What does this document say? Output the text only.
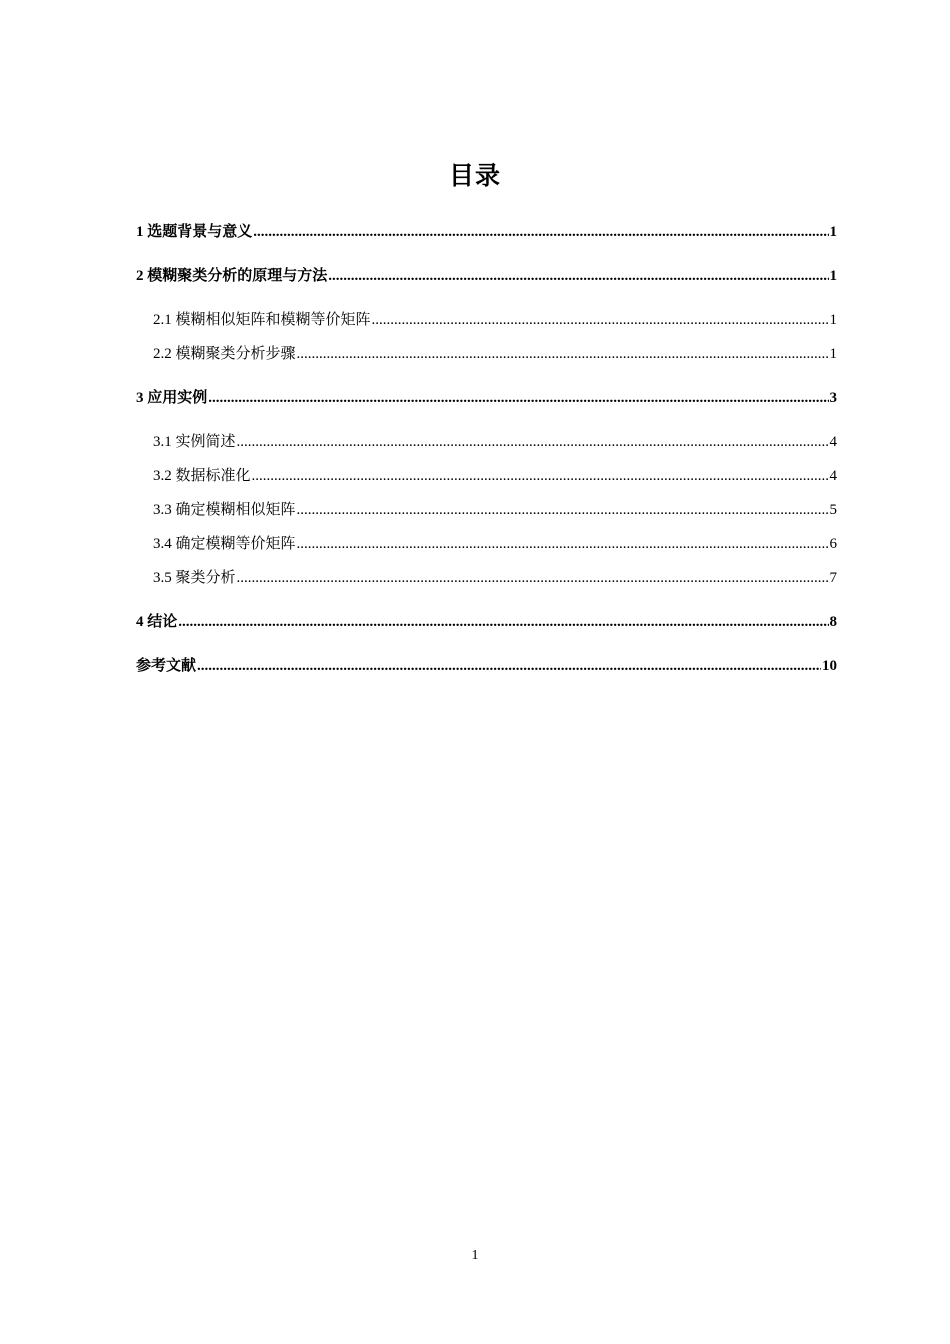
目录
1 选题背景与意义 .....	1
2 模糊聚类分析的原理与方法 .....	1
2.1 模糊相似矩阵和模糊等价矩阵 .....	1
2.2 模糊聚类分析步骤 .....	1
3 应用实例 .....	3
3.1 实例简述 .....	4
3.2 数据标准化 .....	4
3.3 确定模糊相似矩阵 .....	5
3.4 确定模糊等价矩阵 .....	6
3.5 聚类分析 .....	7
4 结论 .....	8
参考文献 .....	10
1
